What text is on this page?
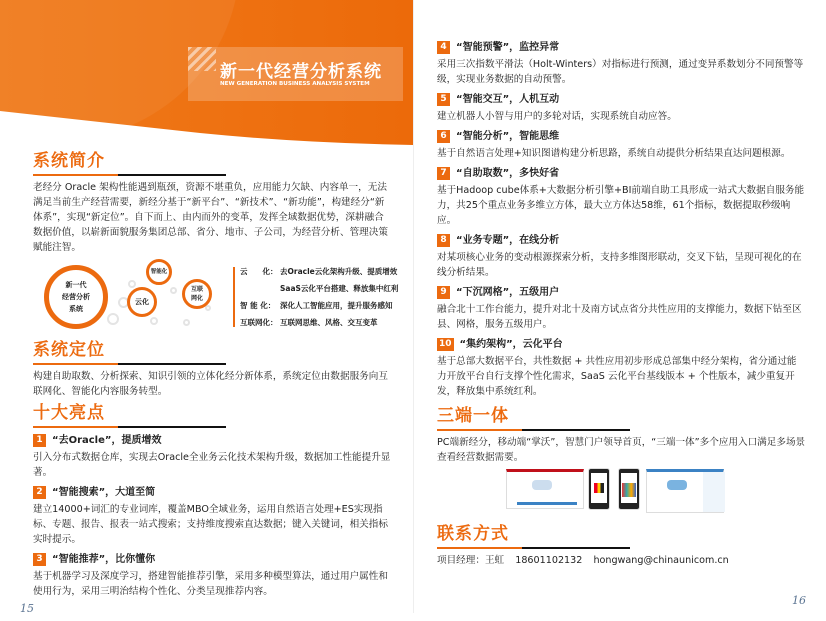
新一代经营分析系统
NEW GENERATION BUSINESS ANALYSIS SYSTEM
系统简介
老经分 Oracle 架构性能遇到瓶颈，资源不堪重负，应用能力欠缺、内容单一，无法满足当前生产经营需要，新经分基于“新平台”、“新技术”、“新功能”，构建经分“新体系”，实现“新定位”。自下而上、由内而外的变革，发挥全域数据优势，深耕融合数据价值，以崭新面貌服务集团总部、省分、地市、子公司，为经营分析、管理决策赋能注智。
新一代
经营分析
系统
智能化
云化
互联
网化
云　　化： 去Oracle云化架构升级、提质增效
SaaS云化平台搭建、释放集中红利
智 能 化： 深化人工智能应用，提升服务感知
互联网化： 互联网思维、风格、交互变革
系统定位
构建自助取数、分析探索、知识引领的立体化经分新体系，系统定位由数据服务向互联网化、智能化内容服务转型。
十大亮点
1 “去Oracle”，提质增效
引入分布式数据仓库，实现去Oracle全业务云化技术架构升级，数据加工性能提升显著。
2 “智能搜索”，大道至简
建立14000+词汇的专业词库，覆盖MBO全域业务，运用自然语言处理+ES实现指标、专题、报告、报表一站式搜索；支持维度搜索直达数据；键入关键词，相关指标实时提示。
3 “智能推荐”，比你懂你
基于机器学习及深度学习，搭建智能推荐引擎，采用多种模型算法，通过用户属性和使用行为，采用三明治结构个性化、分类呈现推荐内容。
15
4 “智能预警”，监控异常
采用三次指数平滑法（Holt-Winters）对指标进行预测，通过变异系数划分不同预警等级，实现业务数据的自动预警。
5 “智能交互”，人机互动
建立机器人小智与用户的多轮对话，实现系统自动应答。
6 “智能分析”，智能思维
基于自然语言处理+知识图谱构建分析思路，系统自动提供分析结果直达问题根源。
7 “自助取数”，多快好省
基于Hadoop cube体系+大数据分析引擎+BI前端自助工具形成一站式大数据自服务能力，共25个重点业务多维立方体，最大立方体达58维，61个指标，数据提取秒级响应。
8 “业务专题”，在线分析
对某项核心业务的变动根源探索分析，支持多维图形联动，交叉下钻，呈现可视化的在线分析结果。
9 “下沉网格”，五级用户
融合北十工作台能力，提升对北十及南方试点省分共性应用的支撑能力，数据下钻至区县、网格，服务五级用户。
10 “集约架构”，云化平台
基于总部大数据平台，共性数据 + 共性应用初步形成总部集中经分架构，省分通过能力开放平台自行支撑个性化需求，SaaS 云化平台基线版本 + 个性版本，减少重复开发，释放集中系统红利。
三端一体
PC端新经分，移动端“掌沃”，智慧门户领导首页，“三端一体”多个应用入口满足多场景查看经营数据需要。
联系方式
项目经理：王虹 18601102132 hongwang@chinaunicom.cn
16
